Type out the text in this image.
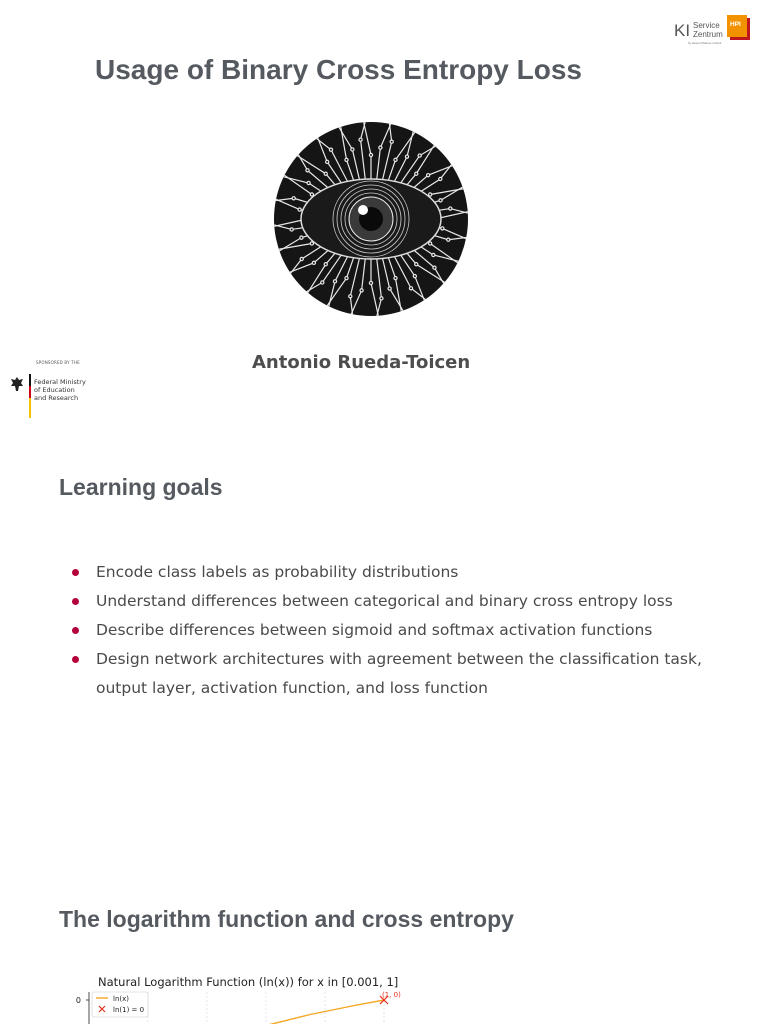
Usage of Binary Cross Entropy Loss
KI Service
Zentrum
by Hasso Plattner Institut
HPI
Antonio Rueda-Toicen
SPONSORED BY THE
Federal Ministry
of Education
and Research
Learning goals
Encode class labels as probability distributions
Understand differences between categorical and binary cross entropy loss
Describe differences between sigmoid and softmax activation functions
Design network architectures with agreement between the classification task, output layer, activation function, and loss function
The logarithm function and cross entropy
Natural Logarithm Function (ln(x)) for x in [0.001, 1]
0
(1, 0)
ln(x)
ln(1) = 0
